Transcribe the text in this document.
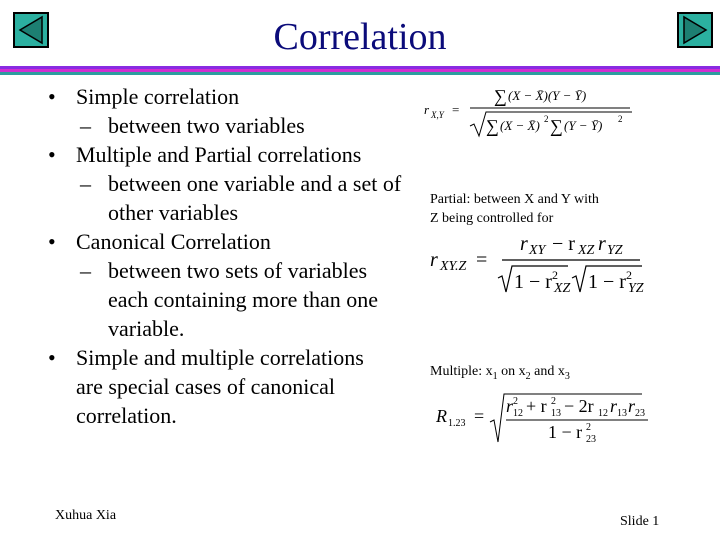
Correlation
• Simple correlation
– between two variables
• Multiple and Partial correlations
– between one variable and a set of other variables
• Canonical Correlation
– between two sets of variables each containing more than one variable.
• Simple and multiple correlations are special cases of canonical correlation.
r X,Y =
∑ (X − X̄)(Y − Ȳ)
∑ (X − X̄) 2 ∑ (Y − Ȳ) 2
Partial: between X and Y with
Z being controlled for
r XY.Z =
r XY − r XZ r YZ
1 − r 2
XZ 1 − r 2
YZ
Multiple: $x_1$ on $x_2$ and $x_3$
R 1.23 = r 2
12 + r 2
13 − 2r 12 r 13 r 23
1 − r 2
23
Xuhua Xia	Slide 1
